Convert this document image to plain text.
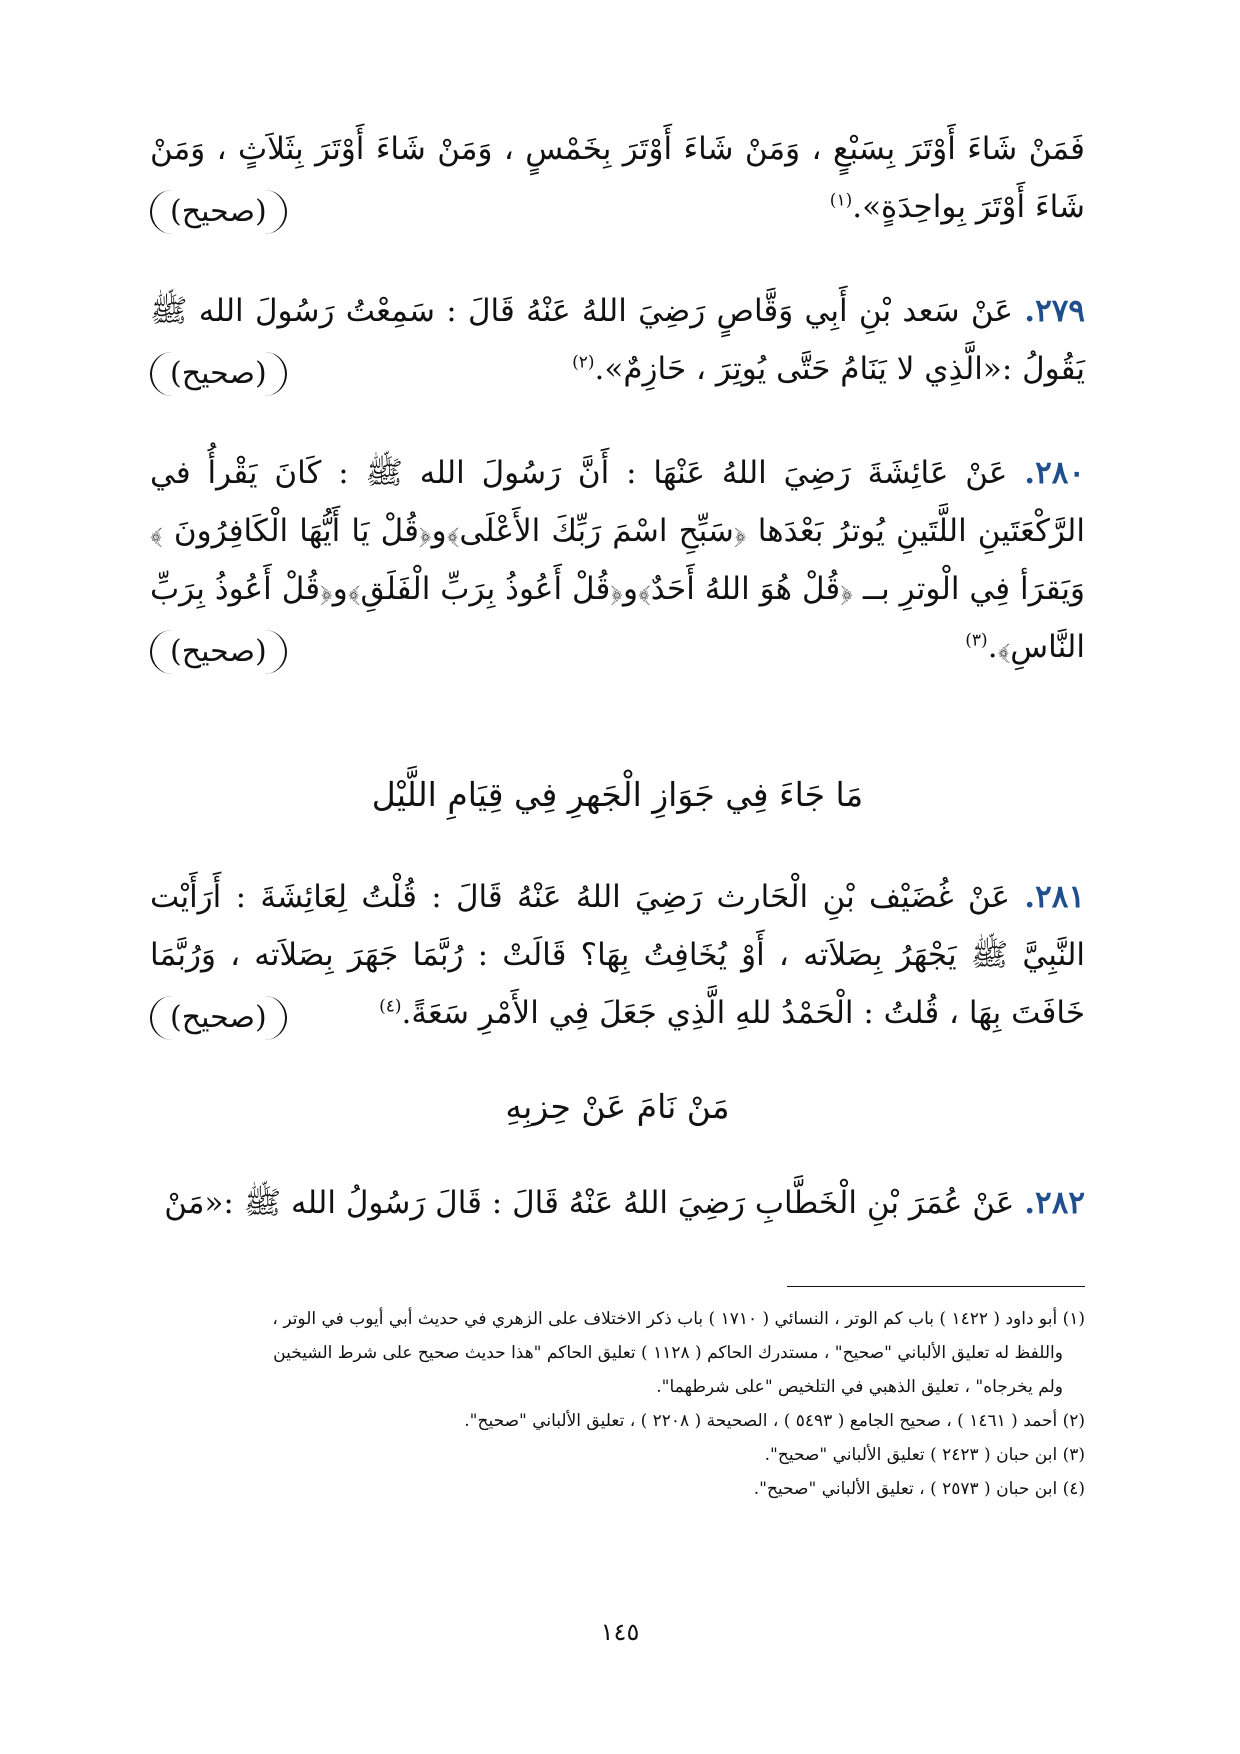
فَمَنْ شَاءَ أَوْتَرَ بِسَبْعٍ ، وَمَنْ شَاءَ أَوْتَرَ بِخَمْسٍ ، وَمَنْ شَاءَ أَوْتَرَ بِثَلاَثٍ ، وَمَنْ شَاءَ أَوْتَرَ بِواحِدَةٍ».$^{(١)}$

(صحيح)

٢٧٩. عَنْ سَعد بْنِ أَبِي وَقَّاصٍ رَضِيَ اللهُ عَنْهُ قَالَ : سَمِعْتُ رَسُولَ الله ﷺ يَقُولُ :«الَّذِي لا يَنَامُ حَتَّى يُوتِرَ ، حَازِمٌ».$^{(٢)}$

(صحيح)

٢٨٠. عَنْ عَائِشَةَ رَضِيَ اللهُ عَنْهَا : أَنَّ رَسُولَ الله ﷺ : كَانَ يَقْرأُ في الرَّكْعَتَينِ اللَّتَينِ يُوترُ بَعْدَها ﴿سَبِّحِ اسْمَ رَبِّكَ الأَعْلَى﴾و﴿قُلْ يَا أَيُّهَا الْكَافِرُونَ ﴾ وَيَقرَأ فِي الْوترِ بــ ﴿قُلْ هُوَ اللهُ أَحَدٌ﴾و﴿قُلْ أَعُوذُ بِرَبِّ الْفَلَقِ﴾و﴿قُلْ أَعُوذُ بِرَبِّ النَّاسِ﴾.$^{(٣)}$

(صحيح)
مَا جَاءَ فِي جَوَازِ الْجَهرِ فِي قِيَامِ اللَّيْل

٢٨١. عَنْ غُضَيْف بْنِ الْحَارث رَضِيَ اللهُ عَنْهُ قَالَ : قُلْتُ لِعَائِشَةَ : أَرَأَيْت النَّبِيَّ ﷺ يَجْهَرُ بِصَلاَته ، أَوْ يُخَافِتُ بِهَا؟ قَالَتْ : رُبَّمَا جَهَرَ بِصَلاَته ، وَرُبَّمَا خَافَتَ بِهَا ، قُلتُ : الْحَمْدُ للهِ الَّذِي جَعَلَ فِي الأَمْرِ سَعَةً.$^{(٤)}$

(صحيح)
مَنْ نَامَ عَنْ حِزبِهِ

٢٨٢. عَنْ عُمَرَ بْنِ الْخَطَّابِ رَضِيَ اللهُ عَنْهُ قَالَ : قَالَ رَسُولُ الله ﷺ :«مَنْ

(١) أبو داود ( ١٤٢٢ ) باب كم الوتر ، النسائي ( ١٧١٠ ) باب ذكر الاختلاف على الزهري في حديث أبي أيوب في الوتر ،

واللفظ له تعليق الألباني "صحيح" ، مستدرك الحاكم ( ١١٢٨ ) تعليق الحاكم "هذا حديث صحيح على شرط الشيخين

ولم يخرجاه" ، تعليق الذهبي في التلخيص "على شرطهما".

(٢) أحمد ( ١٤٦١ ) ، صحيح الجامع ( ٥٤٩٣ ) ، الصحيحة ( ٢٢٠٨ ) ، تعليق الألباني "صحيح".

(٣) ابن حبان ( ٢٤٢٣ ) تعليق الألباني "صحيح".

(٤) ابن حبان ( ٢٥٧٣ ) ، تعليق الألباني "صحيح".

١٤٥
